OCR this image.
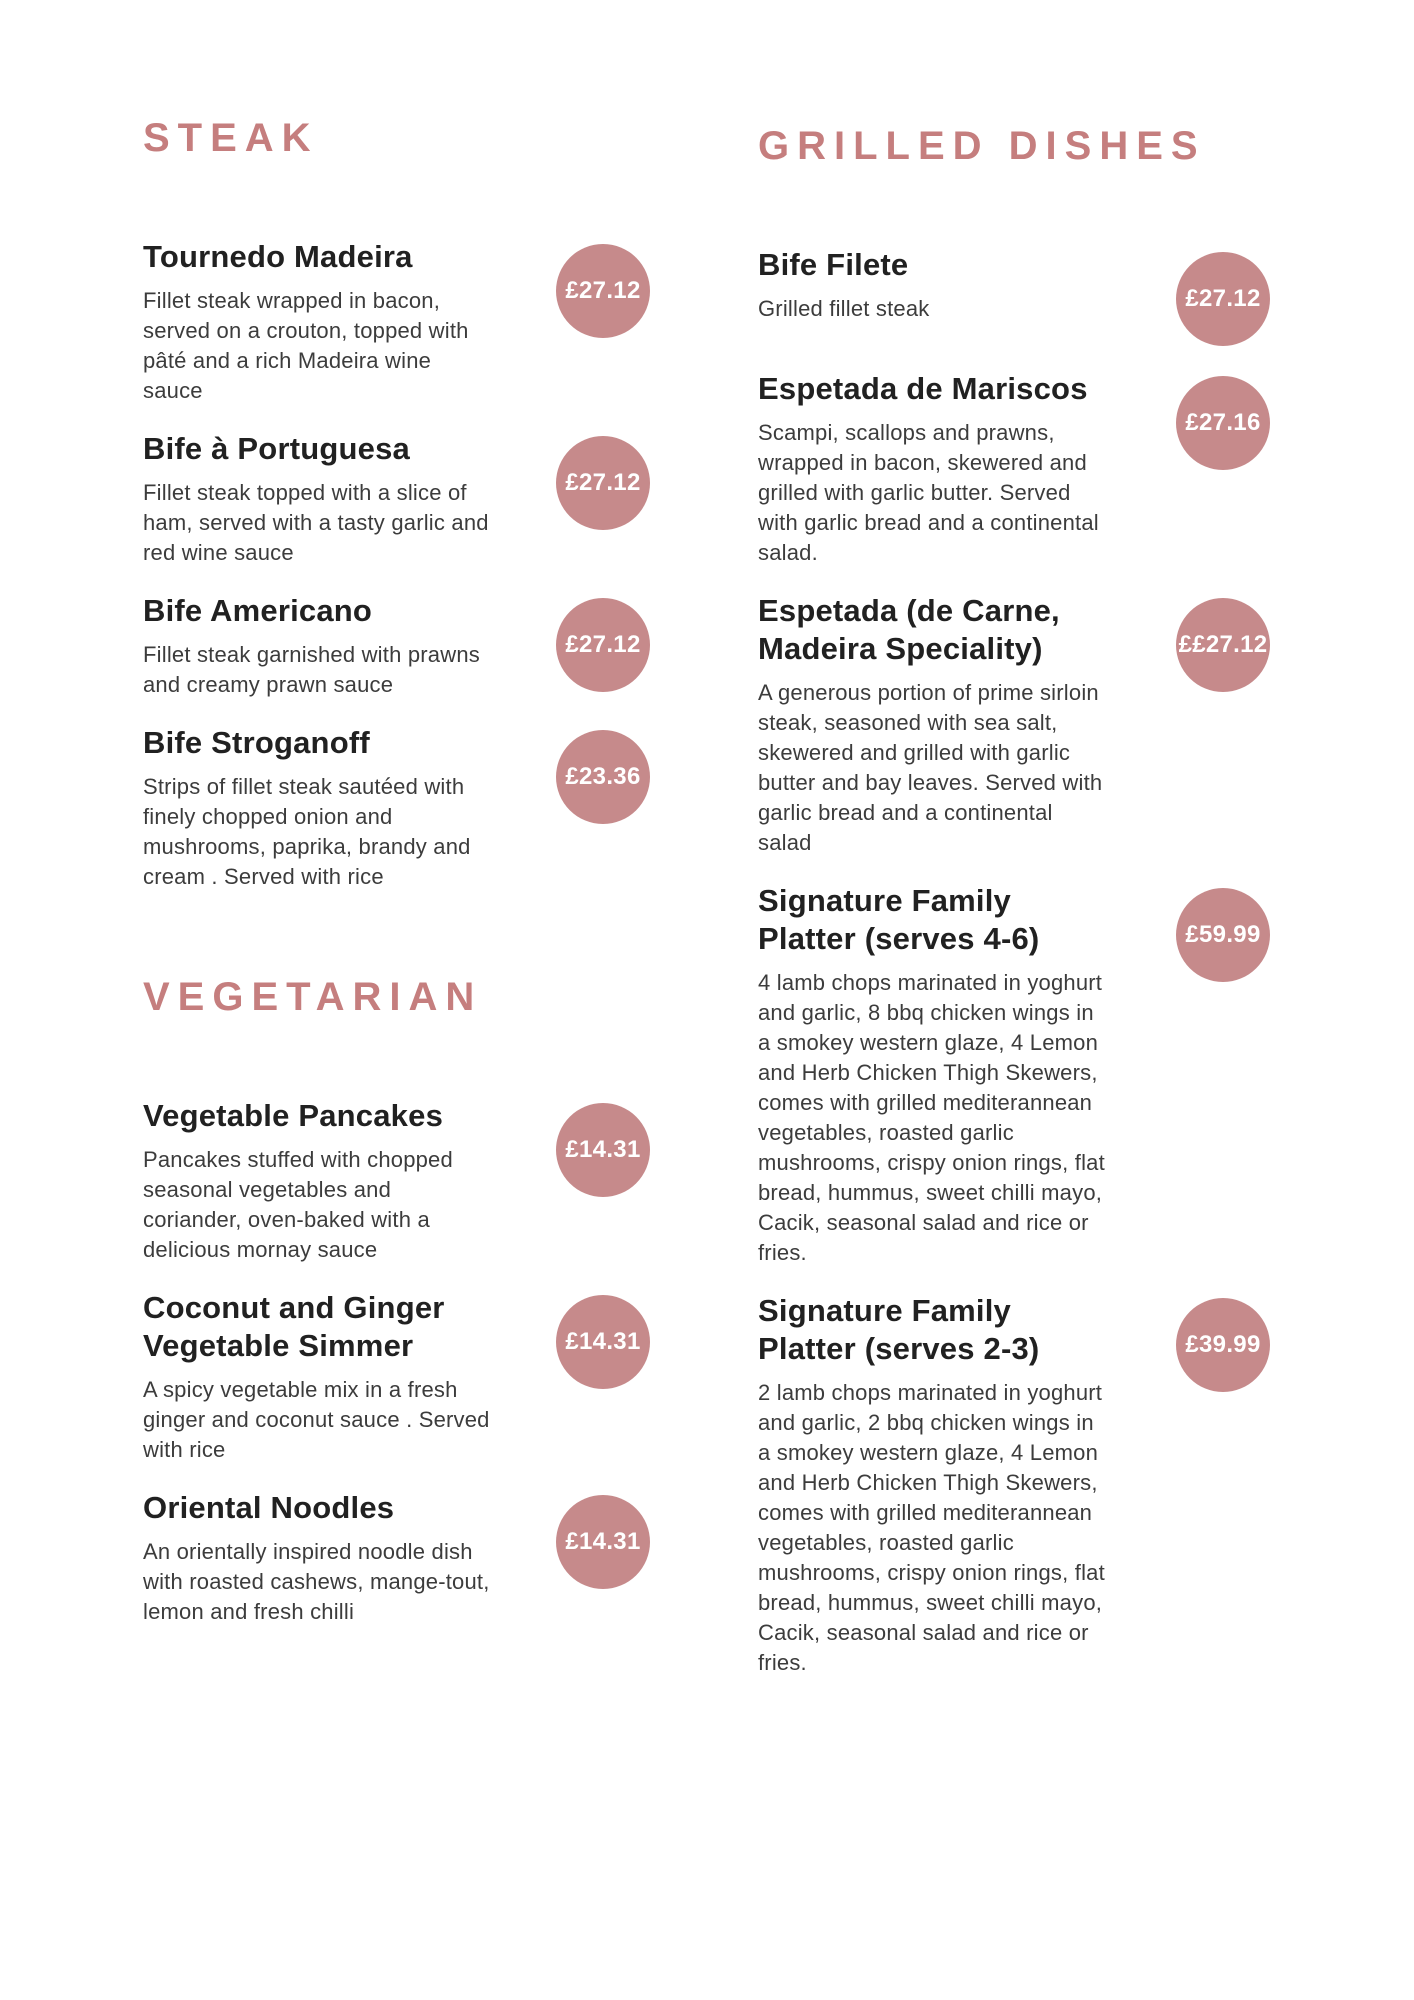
STEAK
Tournedo Madeira

Fillet steak wrapped in bacon, served on a crouton, topped with pâté and a rich Madeira wine sauce

£27.12
Bife à Portuguesa

Fillet steak topped with a slice of ham, served with a tasty garlic and red wine sauce

£27.12
Bife Americano

Fillet steak garnished with prawns and creamy prawn sauce

£27.12
Bife Stroganoff

Strips of fillet steak sautéed with finely chopped onion and mushrooms, paprika, brandy and cream . Served with rice

£23.36
VEGETARIAN
Vegetable Pancakes

Pancakes stuffed with chopped seasonal vegetables and coriander, oven-baked with a delicious mornay sauce

£14.31
Coconut and Ginger Vegetable Simmer

A spicy vegetable mix in a fresh ginger and coconut sauce . Served with rice

£14.31
Oriental Noodles

An orientally inspired noodle dish with roasted cashews, mange-tout, lemon and fresh chilli

£14.31
GRILLED DISHES
Bife Filete

Grilled fillet steak	£27.12
Espetada de Mariscos

Scampi, scallops and prawns, wrapped in bacon, skewered and grilled with garlic butter. Served with garlic bread and a continental salad.

£27.16
Espetada (de Carne, Madeira Speciality)

A generous portion of prime sirloin steak, seasoned with sea salt, skewered and grilled with garlic butter and bay leaves. Served with garlic bread and a continental salad

££27.12
Signature Family Platter (serves 4-6)

4 lamb chops marinated in yoghurt and garlic, 8 bbq chicken wings in a smokey western glaze, 4 Lemon and Herb Chicken Thigh Skewers, comes with grilled mediterannean vegetables, roasted garlic mushrooms, crispy onion rings, flat bread, hummus, sweet chilli mayo, Cacik, seasonal salad and rice or fries.

£59.99
Signature Family Platter (serves 2-3)

2 lamb chops marinated in yoghurt and garlic, 2 bbq chicken wings in a smokey western glaze, 4 Lemon and Herb Chicken Thigh Skewers, comes with grilled mediterannean vegetables, roasted garlic mushrooms, crispy onion rings, flat bread, hummus, sweet chilli mayo, Cacik, seasonal salad and rice or fries.

£39.99
